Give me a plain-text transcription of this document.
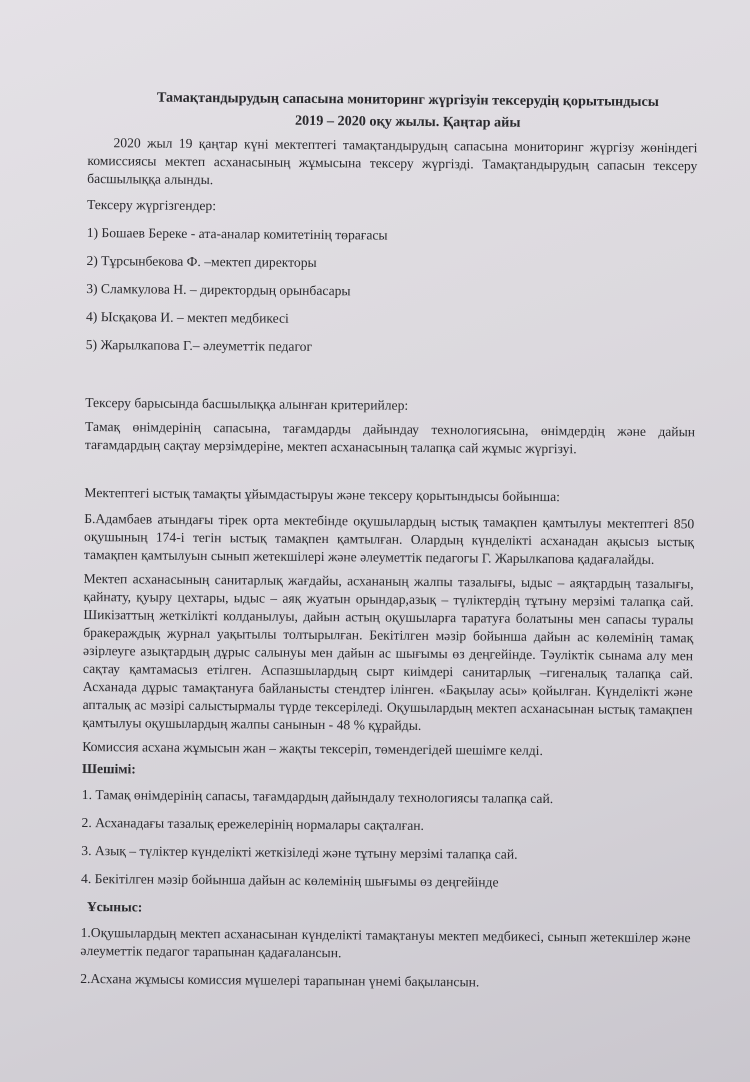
Тамақтандырудың сапасына мониторинг жүргізуін тексерудің қорытындысы
2019 – 2020 оқу жылы. Қаңтар айы

2020 жыл 19 қаңтар күні мектептегі тамақтандырудың сапасына мониторинг жүргізу жөніндегі комиссиясы мектеп асханасының жұмысына тексеру жүргізді. Тамақтандырудың сапасын тексеру басшылыққа алынды.

Тексеру жүргізгендер:

1) Бошаев Береке - ата-аналар комитетінің төрағасы

2) Тұрсынбекова Ф. –мектеп директоры

3) Сламкулова Н. – директордың орынбасары

4) Ысқақова И. – мектеп медбикесі

5) Жарылкапова Г.– әлеуметтік педагог

Тексеру барысында басшылыққа алынған критерийлер:

Тамақ өнімдерінің сапасына, тағамдарды дайындау технологиясына, өнімдердің және дайын тағамдардың сақтау мерзімдеріне, мектеп асханасының талапқа сай жұмыс жүргізуі.

Мектептегі ыстық тамақты ұйымдастыруы және тексеру қорытындысы бойынша:

Б.Адамбаев атындағы тірек орта мектебінде оқушылардың ыстық тамақпен қамтылуы мектептегі 850 оқушының 174-і тегін ыстық тамақпен қамтылған. Олардың күнделікті асханадан ақысыз ыстық тамақпен қамтылуын сынып жетекшілері және әлеуметтік педагогы Г. Жарылкапова қадағалайды.

Мектеп асханасының санитарлық жағдайы, асхананың жалпы тазалығы, ыдыс – аяқтардың тазалығы, қайнату, қуыру цехтары, ыдыс – аяқ жуатын орындар,азық – түліктердің тұтыну мерзімі талапқа сай. Шикізаттың жеткілікті колданылуы, дайын астың оқушыларға таратуға болатыны мен сапасы туралы бракераждық журнал уақытылы толтырылған. Бекітілген мәзір бойынша дайын ас көлемінің тамақ әзірлеуге азықтардың дұрыс салынуы мен дайын ас шығымы өз деңгейінде. Тәуліктік сынама алу мен сақтау қамтамасыз етілген. Аспазшылардың сырт киімдері санитарлық –гигеналық талапқа сай. Асханада дұрыс тамақтануға байланысты стендтер ілінген. «Бақылау асы» қойылған. Күнделікті және апталық ас мәзірі салыстырмалы түрде тексеріледі. Оқушылардың мектеп асханасынан ыстық тамақпен қамтылуы оқушылардың жалпы санынын - 48 % құрайды.

Комиссия асхана жұмысын жан – жақты тексеріп, төмендегідей шешімге келді.

Шешімі:

1. Тамақ өнімдерінің сапасы, тағамдардың дайындалу технологиясы талапқа сай.

2. Асханадағы тазалық ережелерінің нормалары сақталған.

3. Азық – түліктер күнделікті жеткізіледі және тұтыну мерзімі талапқа сай.

4. Бекітілген мәзір бойынша дайын ас көлемінің шығымы өз деңгейінде

Ұсыныс:

1.Оқушылардың мектеп асханасынан күнделікті тамақтануы мектеп медбикесі, сынып жетекшілер және әлеуметтік педагог тарапынан қадағалансын.

2.Асхана жұмысы комиссия мүшелері тарапынан үнемі бақылансын.
